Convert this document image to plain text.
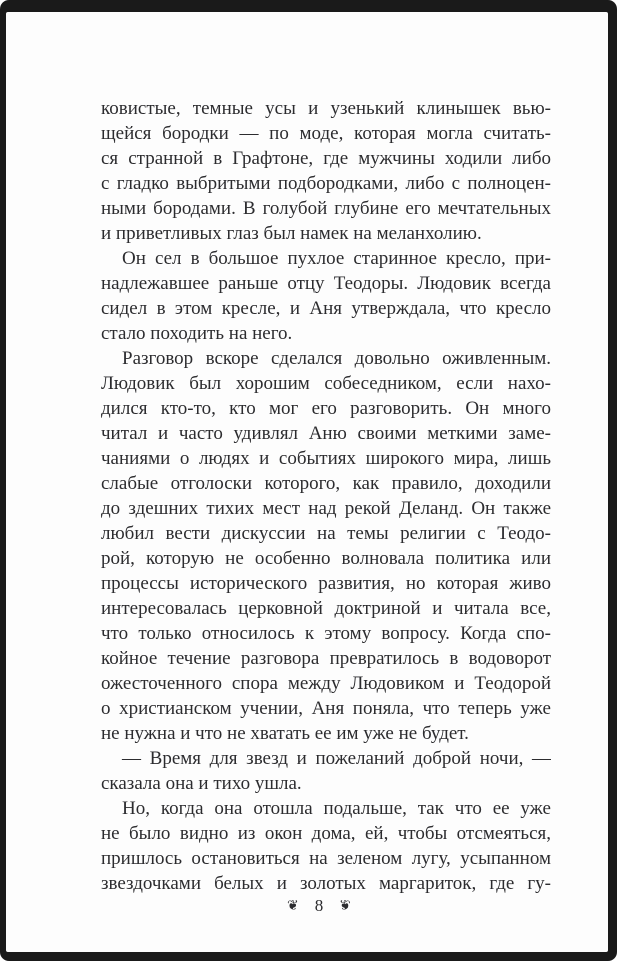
ковистые, темные усы и узенький клинышек вью-
щейся бородки — по моде, которая могла считать-
ся странной в Графтоне, где мужчины ходили либо
с гладко выбритыми подбородками, либо с полноцен-
ными бородами. В голубой глубине его мечтательных
и приветливых глаз был намек на меланхолию.
Он сел в большое пухлое старинное кресло, при-
надлежавшее раньше отцу Теодоры. Людовик всегда
сидел в этом кресле, и Аня утверждала, что кресло
стало походить на него.
Разговор вскоре сделался довольно оживленным.
Людовик был хорошим собеседником, если нахо-
дился кто-то, кто мог его разговорить. Он много
читал и часто удивлял Аню своими меткими заме-
чаниями о людях и событиях широкого мира, лишь
слабые отголоски которого, как правило, доходили
до здешних тихих мест над рекой Деланд. Он также
любил вести дискуссии на темы религии с Теодо-
рой, которую не особенно волновала политика или
процессы исторического развития, но которая живо
интересовалась церковной доктриной и читала все,
что только относилось к этому вопросу. Когда спо-
койное течение разговора превратилось в водоворот
ожесточенного спора между Людовиком и Теодорой
о христианском учении, Аня поняла, что теперь уже
не нужна и что не хватать ее им уже не будет.
— Время для звезд и пожеланий доброй ночи, —
сказала она и тихо ушла.
Но, когда она отошла подальше, так что ее уже
не было видно из окон дома, ей, чтобы отсмеяться,
пришлось остановиться на зеленом лугу, усыпанном
звездочками белых и золотых маргариток, где гу-
❦ 8 ❦
